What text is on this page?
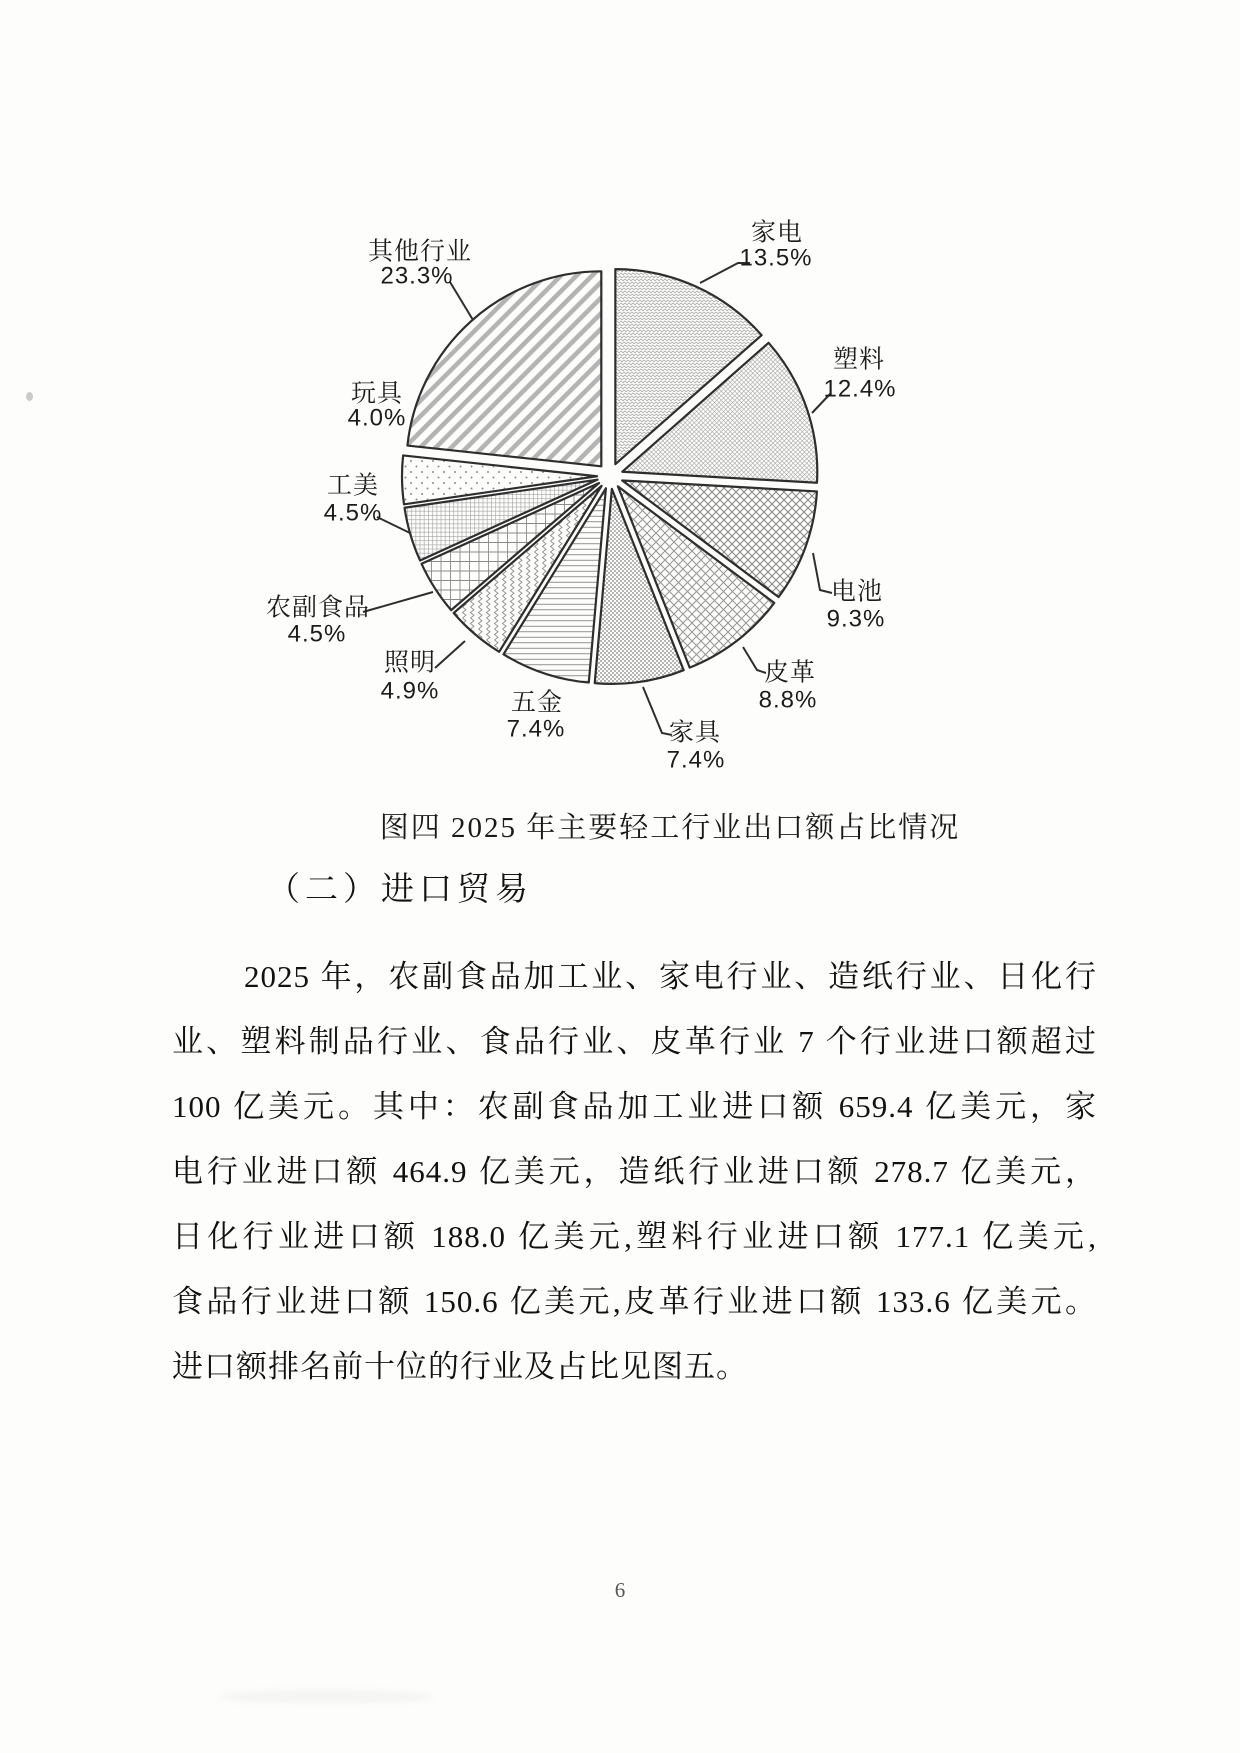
家电
13.5%
塑料
12.4%
电池
9.3%
皮革
8.8%
家具
7.4%
五金
7.4%
照明
4.9%
农副食品
4.5%
工美
4.5%
玩具
4.0%
其他行业
23.3%
图四 2025 年主要轻工行业出口额占比情况
（二）进口贸易
2025 年，农副食品加工业、家电行业、造纸行业、日化行
业、塑料制品行业、食品行业、皮革行业 7 个行业进口额超过
100 亿美元。其中：农副食品加工业进口额 659.4 亿美元，家
电行业进口额 464.9 亿美元，造纸行业进口额 278.7 亿美元，
日化行业进口额 188.0 亿美元,塑料行业进口额 177.1 亿美元,
食品行业进口额 150.6 亿美元,皮革行业进口额 133.6 亿美元。
进口额排名前十位的行业及占比见图五。
6
